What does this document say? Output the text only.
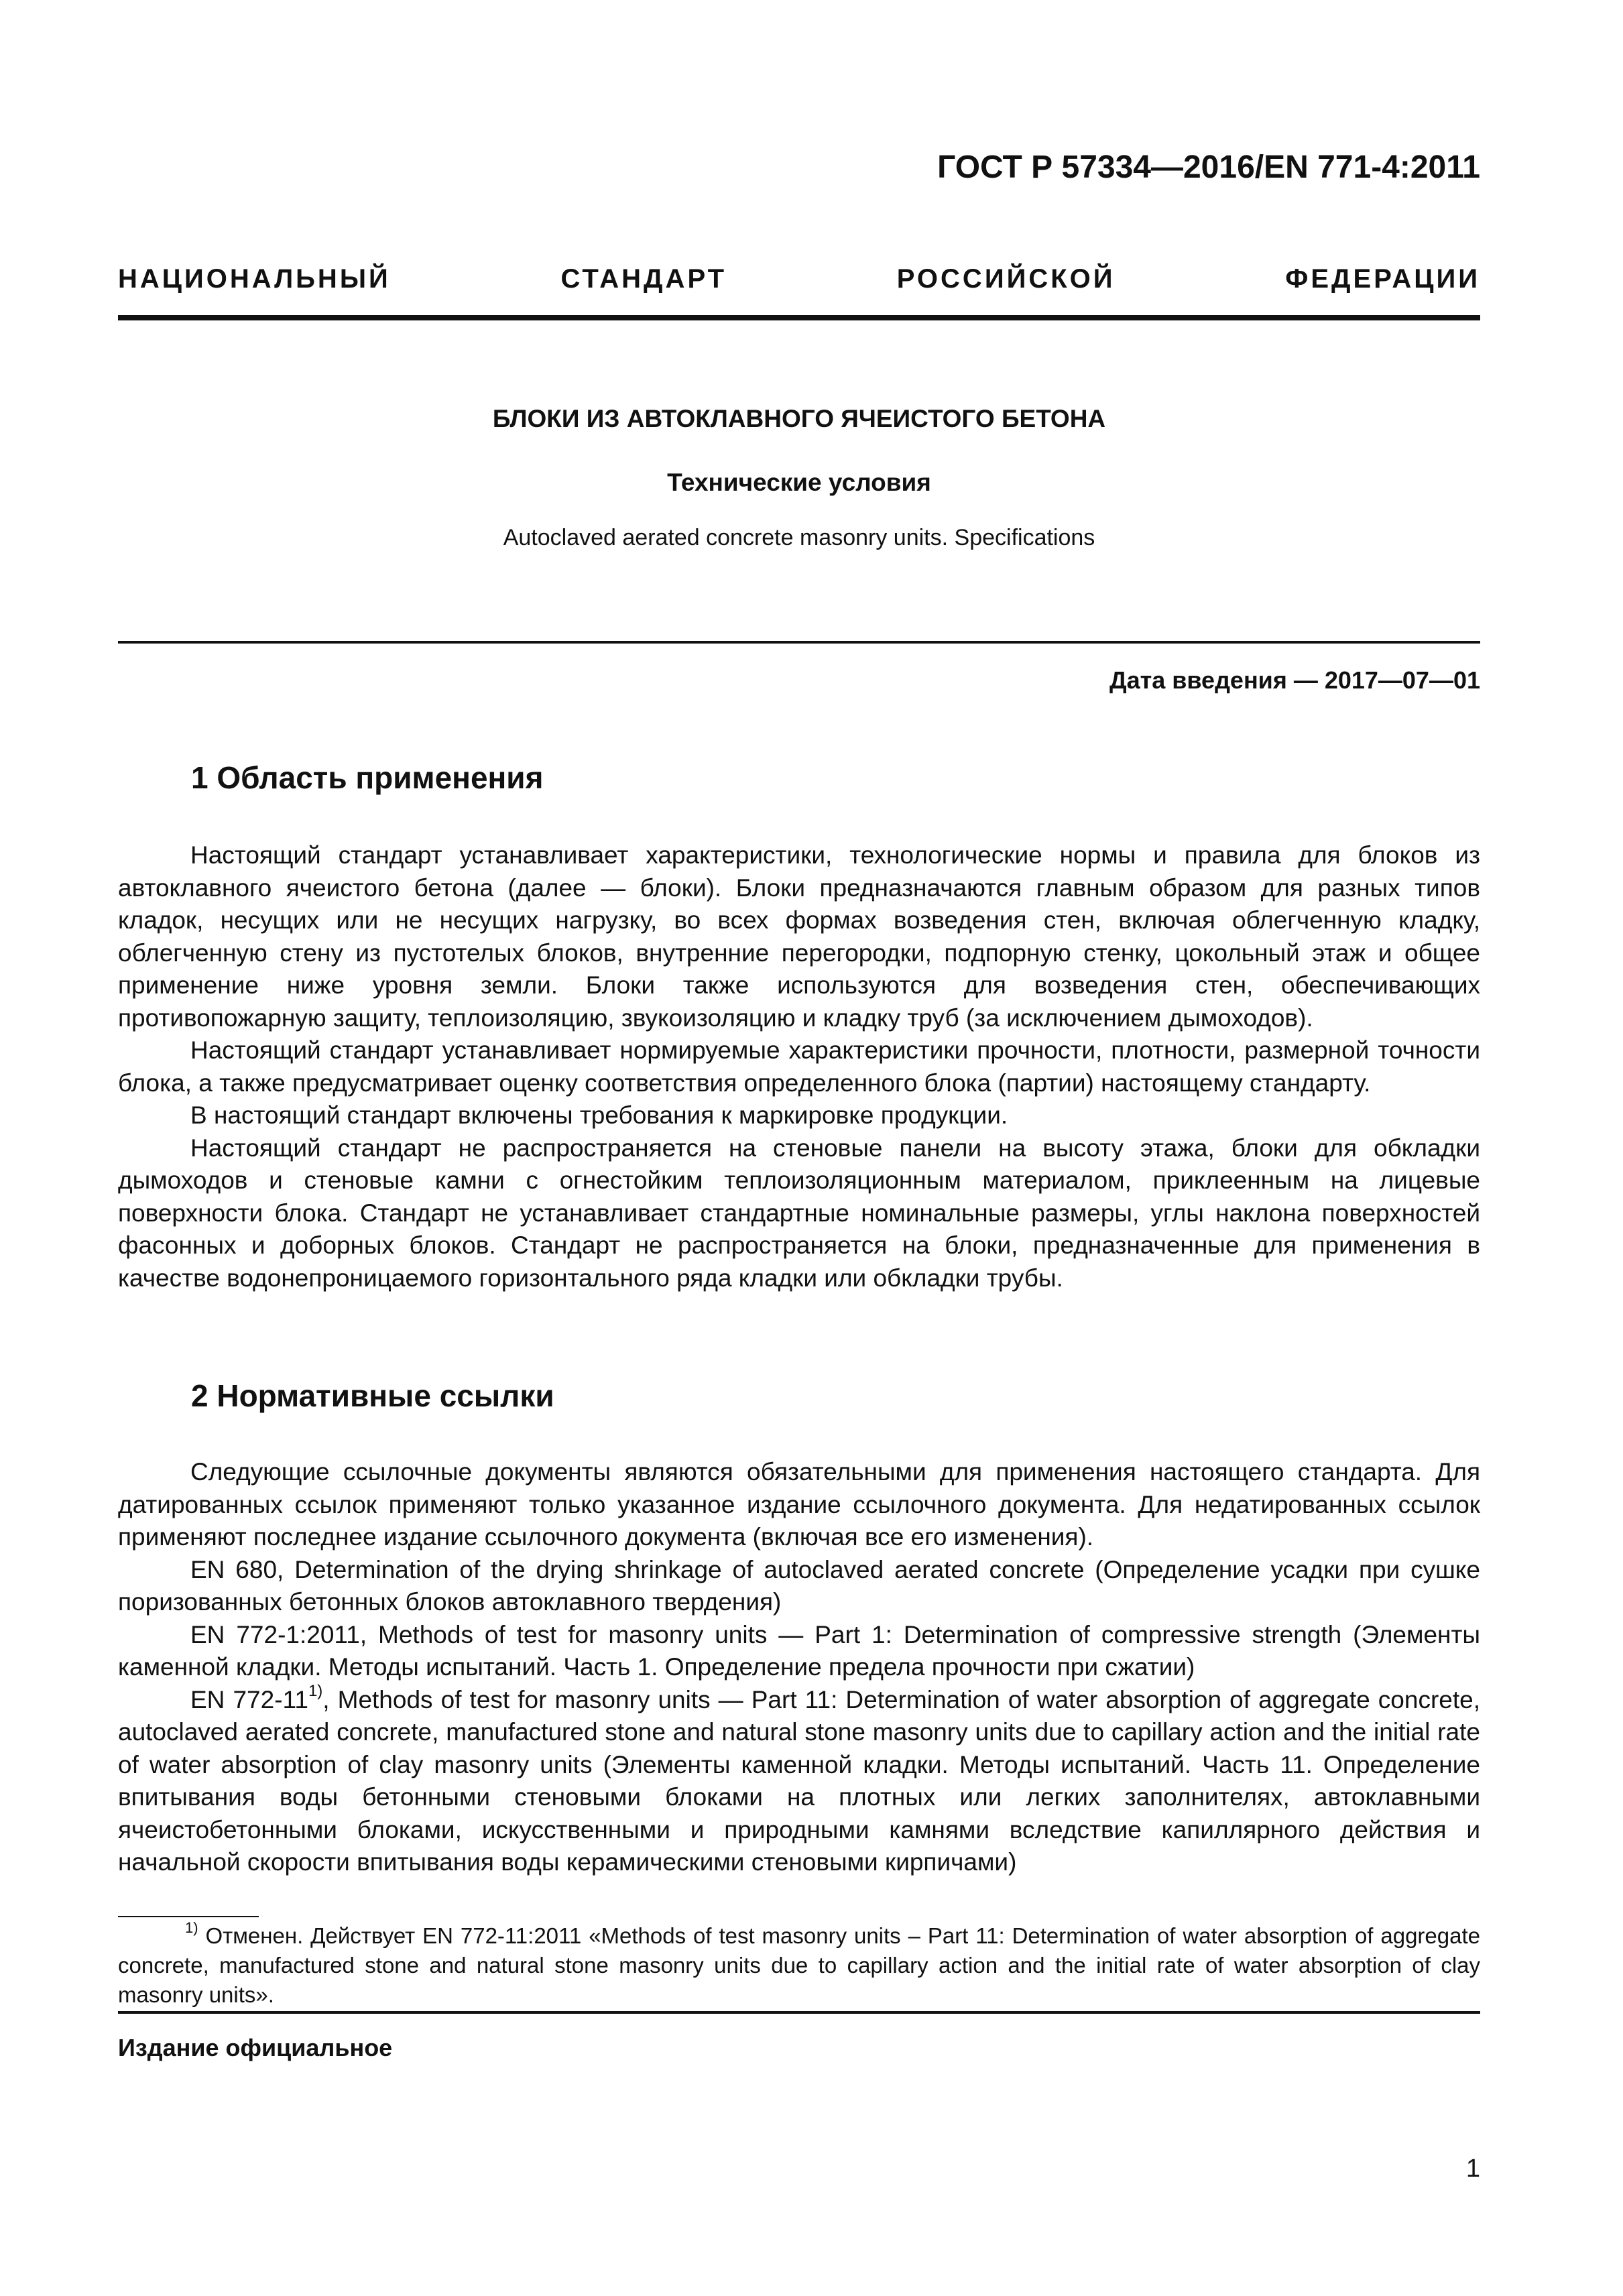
ГОСТ Р 57334—2016/EN 771-4:2011
НАЦИОНАЛЬНЫЙ СТАНДАРТ РОССИЙСКОЙ ФЕДЕРАЦИИ
БЛОКИ ИЗ АВТОКЛАВНОГО ЯЧЕИСТОГО БЕТОНА
Технические условия
Autoclaved aerated concrete masonry units. Specifications
Дата введения — 2017—07—01
1 Область применения

Настоящий стандарт устанавливает характеристики, технологические нормы и правила для блоков из автоклавного ячеистого бетона (далее — блоки). Блоки предназначаются главным образом для разных типов кладок, несущих или не несущих нагрузку, во всех формах возведения стен, включая облегченную кладку, облегченную стену из пустотелых блоков, внутренние перегородки, подпорную стенку, цокольный этаж и общее применение ниже уровня земли. Блоки также используются для возведения стен, обеспечивающих противопожарную защиту, теплоизоляцию, звукоизоляцию и кладку труб (за исключением дымоходов).

Настоящий стандарт устанавливает нормируемые характеристики прочности, плотности, размерной точности блока, а также предусматривает оценку соответствия определенного блока (партии) настоящему стандарту.

В настоящий стандарт включены требования к маркировке продукции.

Настоящий стандарт не распространяется на стеновые панели на высоту этажа, блоки для обкладки дымоходов и стеновые камни с огнестойким теплоизоляционным материалом, приклеенным на лицевые поверхности блока. Стандарт не устанавливает стандартные номинальные размеры, углы наклона поверхностей фасонных и доборных блоков. Стандарт не распространяется на блоки, предназначенные для применения в качестве водонепроницаемого горизонтального ряда кладки или обкладки трубы.

2 Нормативные ссылки

Следующие ссылочные документы являются обязательными для применения настоящего стандарта. Для датированных ссылок применяют только указанное издание ссылочного документа. Для недатированных ссылок применяют последнее издание ссылочного документа (включая все его изменения).

EN 680, Determination of the drying shrinkage of autoclaved aerated concrete (Определение усадки при сушке поризованных бетонных блоков автоклавного твердения)

EN 772-1:2011, Methods of test for masonry units — Part 1: Determination of compressive strength (Элементы каменной кладки. Методы испытаний. Часть 1. Определение предела прочности при сжатии)

EN 772-11$^{1)}$, Methods of test for masonry units — Part 11: Determination of water absorption of aggregate concrete, autoclaved aerated concrete, manufactured stone and natural stone masonry units due to capillary action and the initial rate of water absorption of clay masonry units (Элементы каменной кладки. Методы испытаний. Часть 11. Определение впитывания воды бетонными стеновыми блоками на плотных или легких заполнителях, автоклавными ячеистобетонными блоками, искусственными и природными камнями вследствие капиллярного действия и начальной скорости впитывания воды керамическими стеновыми кирпичами)

$^{1)}$ Отменен. Действует EN 772-11:2011 «Methods of test masonry units – Part 11: Determination of water absorption of aggregate concrete, manufactured stone and natural stone masonry units due to capillary action and the initial rate of water absorption of clay masonry units».

Издание официальное
1
